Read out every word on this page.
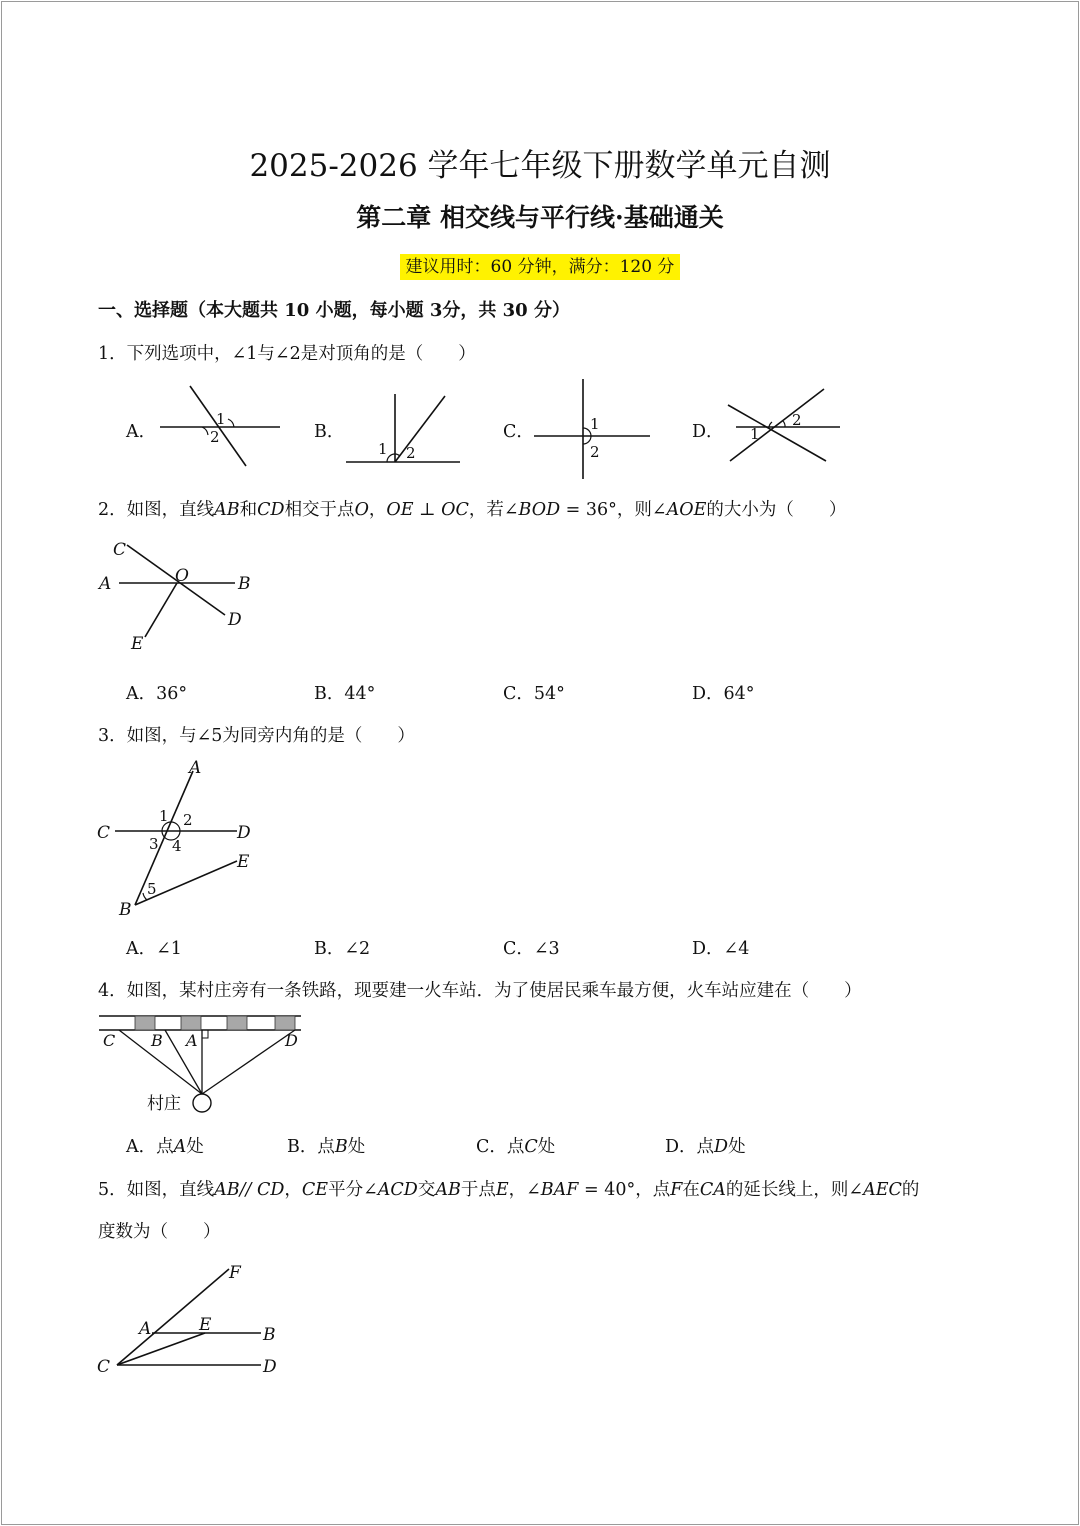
2025-2026 学年七年级下册数学单元自测
第二章 相交线与平行线·基础通关
建议用时：60 分钟，满分：120 分
一、选择题（本大题共 10 小题，每小题 3分，共 30 分）
1．下列选项中，∠1与∠2是对顶角的是（　　）
A．	B．	C．	D．
1
2
1 2
1
2
1
2
2．如图，直线AB和CD相交于点O，OE ⊥ OC，若∠BOD = 36°，则∠AOE的大小为（　　）
C
A	O	B
D
E
A．36°	B．44°	C．54°	D．64°
3．如图，与∠5为同旁内角的是（　　）
A
C	D
E
B
1 2
3 4
5
A．∠1	B．∠2	C．∠3	D．∠4
4．如图，某村庄旁有一条铁路，现要建一火车站．为了使居民乘车最方便，火车站应建在（　　）
C B A	D
村庄
A．点A处	B．点B处	C．点C处	D．点D处
5．如图，直线AB// CD，CE平分∠ACD交AB于点E，∠BAF = 40°，点F在CA的延长线上，则∠AEC的
度数为（　　）
F
A	E	B
C	D
